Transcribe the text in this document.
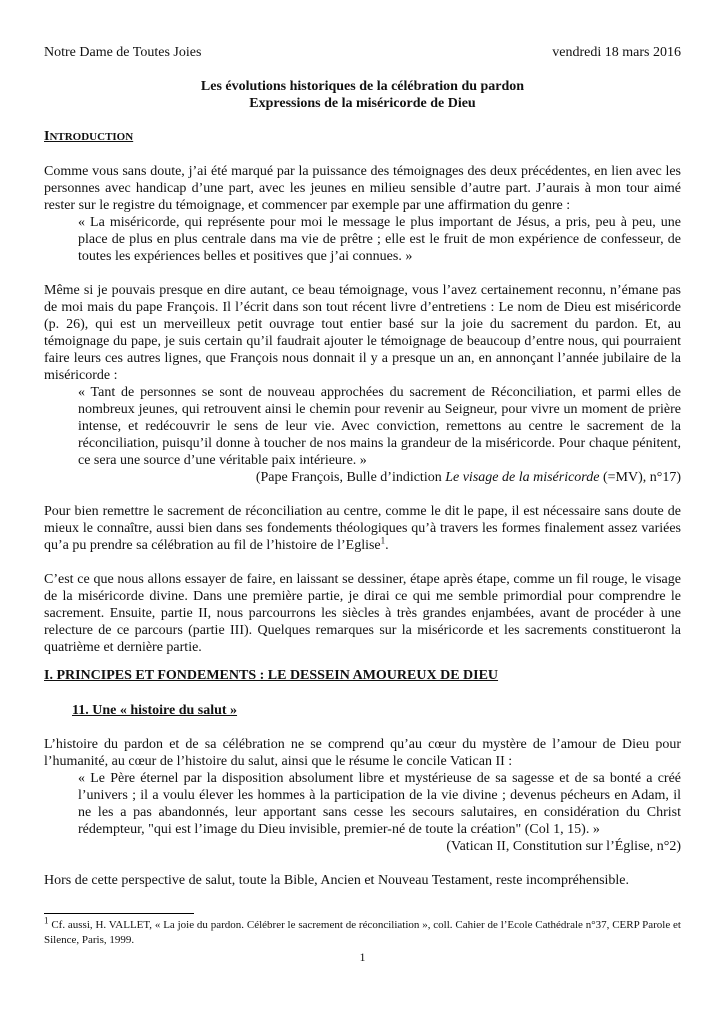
Notre Dame de Toutes Joies	vendredi 18 mars 2016
Les évolutions historiques de la célébration du pardon
Expressions de la miséricorde de Dieu
INTRODUCTION
Comme vous sans doute, j’ai été marqué par la puissance des témoignages des deux précédentes, en lien avec les personnes avec handicap d’une part, avec les jeunes en milieu sensible d’autre part. J’aurais à mon tour aimé rester sur le registre du témoignage, et commencer par exemple par une affirmation du genre :
« La miséricorde, qui représente pour moi le message le plus important de Jésus, a pris, peu à peu, une place de plus en plus centrale dans ma vie de prêtre ; elle est le fruit de mon expérience de confesseur, de toutes les expériences belles et positives que j’ai connues. »
Même si je pouvais presque en dire autant, ce beau témoignage, vous l’avez certainement reconnu, n’émane pas de moi mais du pape François. Il l’écrit dans son tout récent livre d’entretiens : Le nom de Dieu est miséricorde (p. 26), qui est un merveilleux petit ouvrage tout entier basé sur la joie du sacrement du pardon. Et, au témoignage du pape, je suis certain qu’il faudrait ajouter le témoignage de beaucoup d’entre nous, qui pourraient faire leurs ces autres lignes, que François nous donnait il y a presque un an, en annonçant l’année jubilaire de la miséricorde :
« Tant de personnes se sont de nouveau approchées du sacrement de Réconciliation, et parmi elles de nombreux jeunes, qui retrouvent ainsi le chemin pour revenir au Seigneur, pour vivre un moment de prière intense, et redécouvrir le sens de leur vie. Avec conviction, remettons au centre le sacrement de la réconciliation, puisqu’il donne à toucher de nos mains la grandeur de la miséricorde. Pour chaque pénitent, ce sera une source d’une véritable paix intérieure. »
(Pape François, Bulle d’indiction Le visage de la miséricorde (=MV), n°17)
Pour bien remettre le sacrement de réconciliation au centre, comme le dit le pape, il est nécessaire sans doute de mieux le connaître, aussi bien dans ses fondements théologiques qu’à travers les formes finalement assez variées qu’a pu prendre sa célébration au fil de l’histoire de l’Eglise$^1$.
C’est ce que nous allons essayer de faire, en laissant se dessiner, étape après étape, comme un fil rouge, le visage de la miséricorde divine. Dans une première partie, je dirai ce qui me semble primordial pour comprendre le sacrement. Ensuite, partie II, nous parcourrons les siècles à très grandes enjambées, avant de procéder à une relecture de ce parcours (partie III). Quelques remarques sur la miséricorde et les sacrements constitueront la quatrième et dernière partie.
I. PRINCIPES ET FONDEMENTS : LE DESSEIN AMOUREUX DE DIEU
11. Une « histoire du salut »
L’histoire du pardon et de sa célébration ne se comprend qu’au cœur du mystère de l’amour de Dieu pour l’humanité, au cœur de l’histoire du salut, ainsi que le résume le concile Vatican II :
« Le Père éternel par la disposition absolument libre et mystérieuse de sa sagesse et de sa bonté a créé l’univers ; il a voulu élever les hommes à la participation de la vie divine ; devenus pécheurs en Adam, il ne les a pas abandonnés, leur apportant sans cesse les secours salutaires, en considération du Christ rédempteur, "qui est l’image du Dieu invisible, premier-né de toute la création" (Col 1, 15). »
(Vatican II, Constitution sur l’Église, n°2)
Hors de cette perspective de salut, toute la Bible, Ancien et Nouveau Testament, reste incompréhensible.
$^1$ Cf. aussi, H. VALLET, « La joie du pardon. Célébrer le sacrement de réconciliation », coll. Cahier de l’Ecole Cathédrale n°37, CERP Parole et Silence, Paris, 1999.
1
